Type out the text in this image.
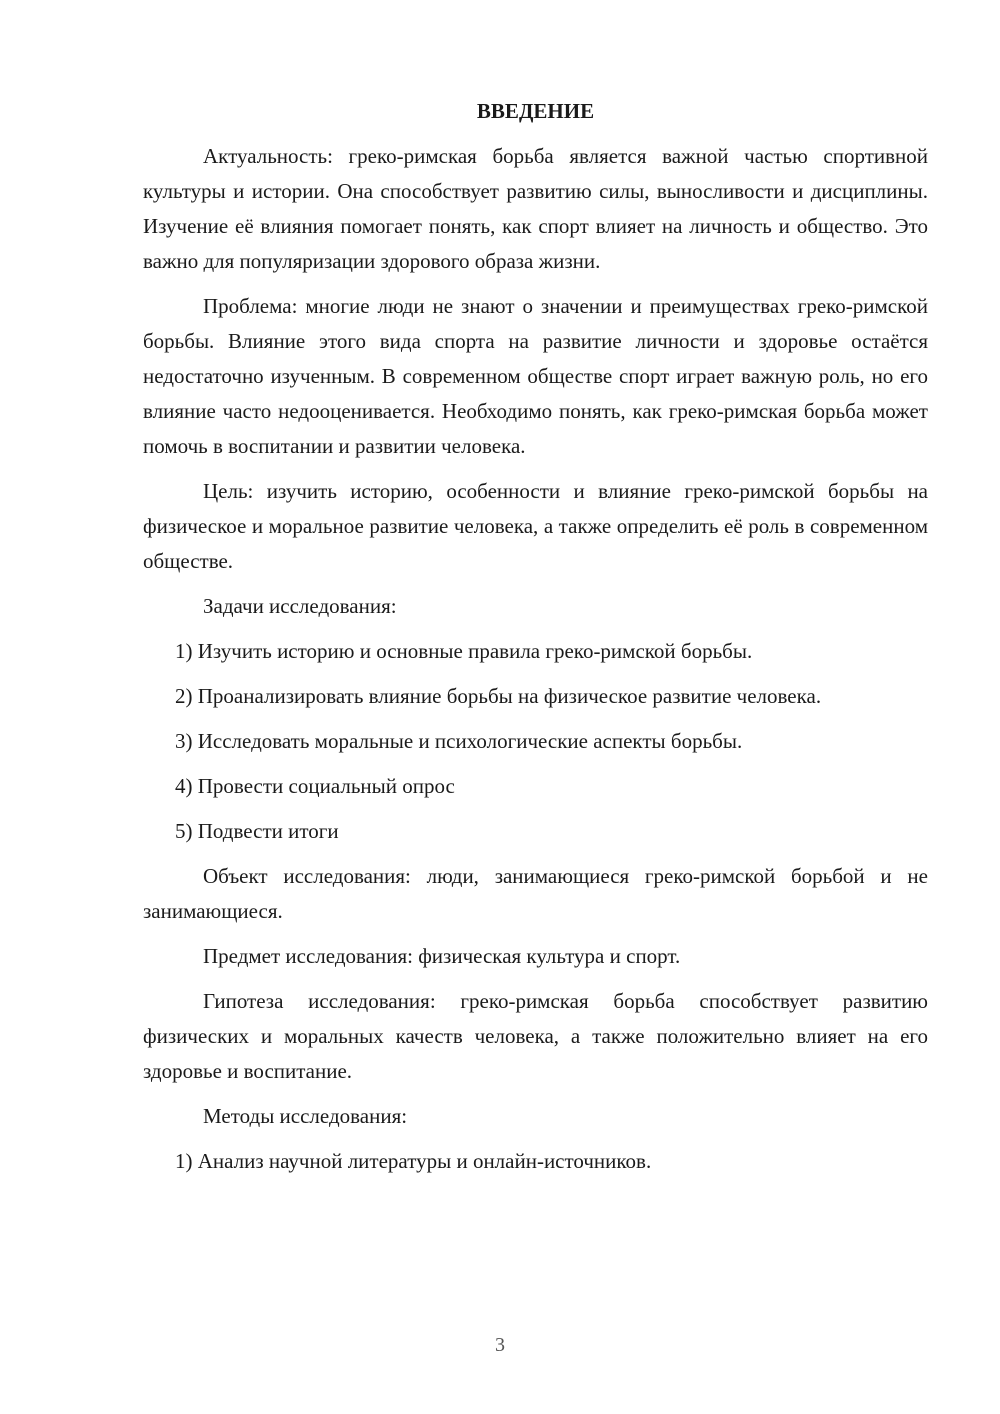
ВВЕДЕНИЕ

Актуальность: греко-римская борьба является важной частью спортивной культуры и истории. Она способствует развитию силы, выносливости и дисциплины. Изучение её влияния помогает понять, как спорт влияет на личность и общество. Это важно для популяризации здорового образа жизни.

Проблема: многие люди не знают о значении и преимуществах греко-римской борьбы. Влияние этого вида спорта на развитие личности и здоровье остаётся недостаточно изученным. В современном обществе спорт играет важную роль, но его влияние часто недооценивается. Необходимо понять, как греко-римская борьба может помочь в воспитании и развитии человека.

Цель: изучить историю, особенности и влияние греко-римской борьбы на физическое и моральное развитие человека, а также определить её роль в современном обществе.

Задачи исследования:

1) Изучить историю и основные правила греко-римской борьбы.

2) Проанализировать влияние борьбы на физическое развитие человека.

3) Исследовать моральные и психологические аспекты борьбы.

4) Провести социальный опрос

5) Подвести итоги

Объект исследования: люди, занимающиеся греко-римской борьбой и не занимающиеся.

Предмет исследования: физическая культура и спорт.

Гипотеза исследования: греко-римская борьба способствует развитию физических и моральных качеств человека, а также положительно влияет на его здоровье и воспитание.

Методы исследования:

1) Анализ научной литературы и онлайн-источников.

3
